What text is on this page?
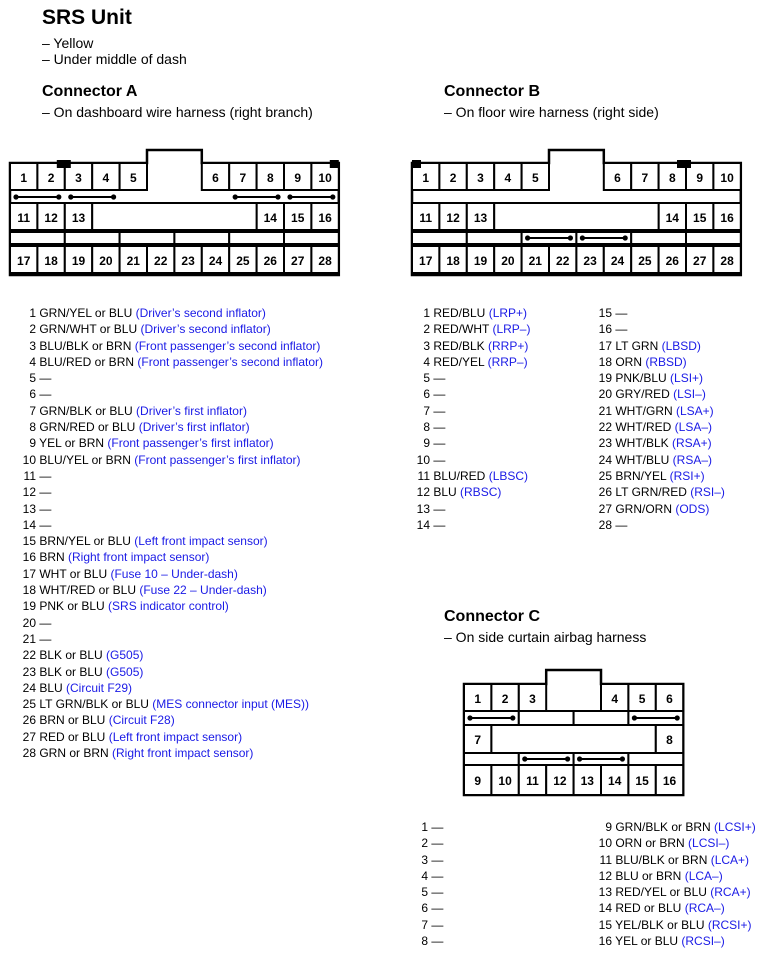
SRS Unit
– Yellow
– Under middle of dash
Connector A
– On dashboard wire harness (right branch)
Connector B
– On floor wire harness (right side)
Connector C
– On side curtain airbag harness
1 2 3 4 5	6 7 8 9 10
11 12 13	14 15 16
17 18 19 20 21 22 23 24 25 26 27 28
1 2 3 4 5	6 7 8 9 10
11 12 13	14 15 16
17 18 19 20 21 22 23 24 25 26 27 28
1 2 3	4 5 6
7	8
9 10 11 12 13 14 15 16
1 GRN/YEL or BLU (Driver’s second inflator)
2 GRN/WHT or BLU (Driver’s second inflator)
3 BLU/BLK or BRN (Front passenger’s second inflator)
4 BLU/RED or BRN (Front passenger’s second inflator)
5 —
6 —
7 GRN/BLK or BLU (Driver’s first inflator)
8 GRN/RED or BLU (Driver’s first inflator)
9 YEL or BRN (Front passenger’s first inflator)
10 BLU/YEL or BRN (Front passenger’s first inflator)
11 —
12 —
13 —
14 —
15 BRN/YEL or BLU (Left front impact sensor)
16 BRN (Right front impact sensor)
17 WHT or BLU (Fuse 10 – Under-dash)
18 WHT/RED or BLU (Fuse 22 – Under-dash)
19 PNK or BLU (SRS indicator control)
20 —
21 —
22 BLK or BLU (G505)
23 BLK or BLU (G505)
24 BLU (Circuit F29)
25 LT GRN/BLK or BLU (MES connector input (MES))
26 BRN or BLU (Circuit F28)
27 RED or BLU (Left front impact sensor)
28 GRN or BRN (Right front impact sensor)
1 RED/BLU (LRP+)
2 RED/WHT (LRP–)
3 RED/BLK (RRP+)
4 RED/YEL (RRP–)
5 —
6 —
7 —
8 —
9 —
10 —
11 BLU/RED (LBSC)
12 BLU (RBSC)
13 —
14 —
15 —
16 —
17 LT GRN (LBSD)
18 ORN (RBSD)
19 PNK/BLU (LSI+)
20 GRY/RED (LSI–)
21 WHT/GRN (LSA+)
22 WHT/RED (LSA–)
23 WHT/BLK (RSA+)
24 WHT/BLU (RSA–)
25 BRN/YEL (RSI+)
26 LT GRN/RED (RSI–)
27 GRN/ORN (ODS)
28 —
1 —
2 —
3 —
4 —
5 —
6 —
7 —
8 —
9 GRN/BLK or BRN (LCSI+)
10 ORN or BRN (LCSI–)
11 BLU/BLK or BRN (LCA+)
12 BLU or BRN (LCA–)
13 RED/YEL or BLU (RCA+)
14 RED or BLU (RCA–)
15 YEL/BLK or BLU (RCSI+)
16 YEL or BLU (RCSI–)
